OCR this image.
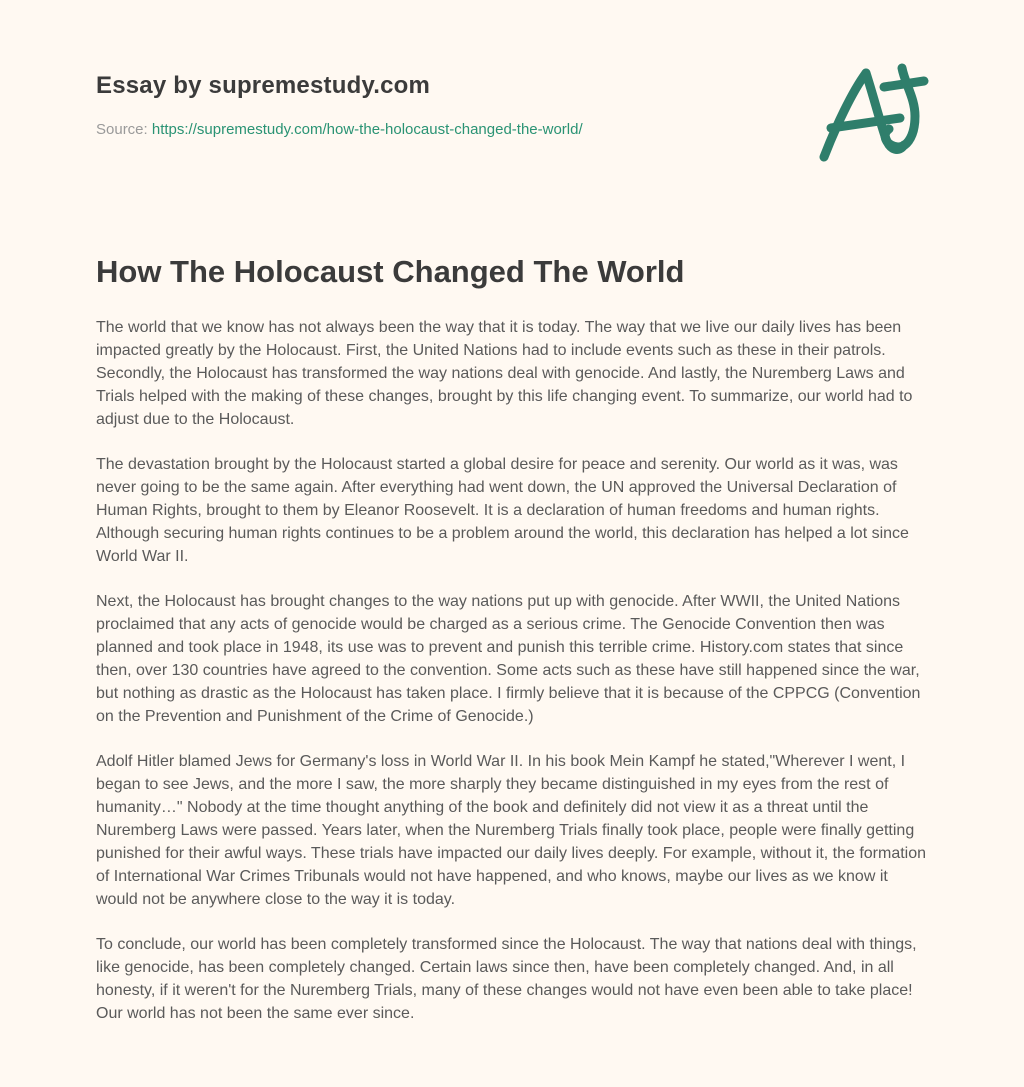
Essay by supremestudy.com
Source: https://supremestudy.com/how-the-holocaust-changed-the-world/
How The Holocaust Changed The World

The world that we know has not always been the way that it is today. The way that we live our daily lives has been impacted greatly by the Holocaust. First, the United Nations had to include events such as these in their patrols. Secondly, the Holocaust has transformed the way nations deal with genocide. And lastly, the Nuremberg Laws and Trials helped with the making of these changes, brought by this life changing event. To summarize, our world had to adjust due to the Holocaust.

The devastation brought by the Holocaust started a global desire for peace and serenity. Our world as it was, was never going to be the same again. After everything had went down, the UN approved the Universal Declaration of Human Rights, brought to them by Eleanor Roosevelt. It is a declaration of human freedoms and human rights. Although securing human rights continues to be a problem around the world, this declaration has helped a lot since World War II.

Next, the Holocaust has brought changes to the way nations put up with genocide. After WWII, the United Nations proclaimed that any acts of genocide would be charged as a serious crime. The Genocide Convention then was planned and took place in 1948, its use was to prevent and punish this terrible crime. History.com states that since then, over 130 countries have agreed to the convention. Some acts such as these have still happened since the war, but nothing as drastic as the Holocaust has taken place. I firmly believe that it is because of the CPPCG (Convention on the Prevention and Punishment of the Crime of Genocide.)

Adolf Hitler blamed Jews for Germany's loss in World War II. In his book Mein Kampf he stated,"Wherever I went, I began to see Jews, and the more I saw, the more sharply they became distinguished in my eyes from the rest of humanity…" Nobody at the time thought anything of the book and definitely did not view it as a threat until the Nuremberg Laws were passed. Years later, when the Nuremberg Trials finally took place, people were finally getting punished for their awful ways. These trials have impacted our daily lives deeply. For example, without it, the formation of International War Crimes Tribunals would not have happened, and who knows, maybe our lives as we know it would not be anywhere close to the way it is today.

To conclude, our world has been completely transformed since the Holocaust. The way that nations deal with things, like genocide, has been completely changed. Certain laws since then, have been completely changed. And, in all honesty, if it weren't for the Nuremberg Trials, many of these changes would not have even been able to take place! Our world has not been the same ever since.
